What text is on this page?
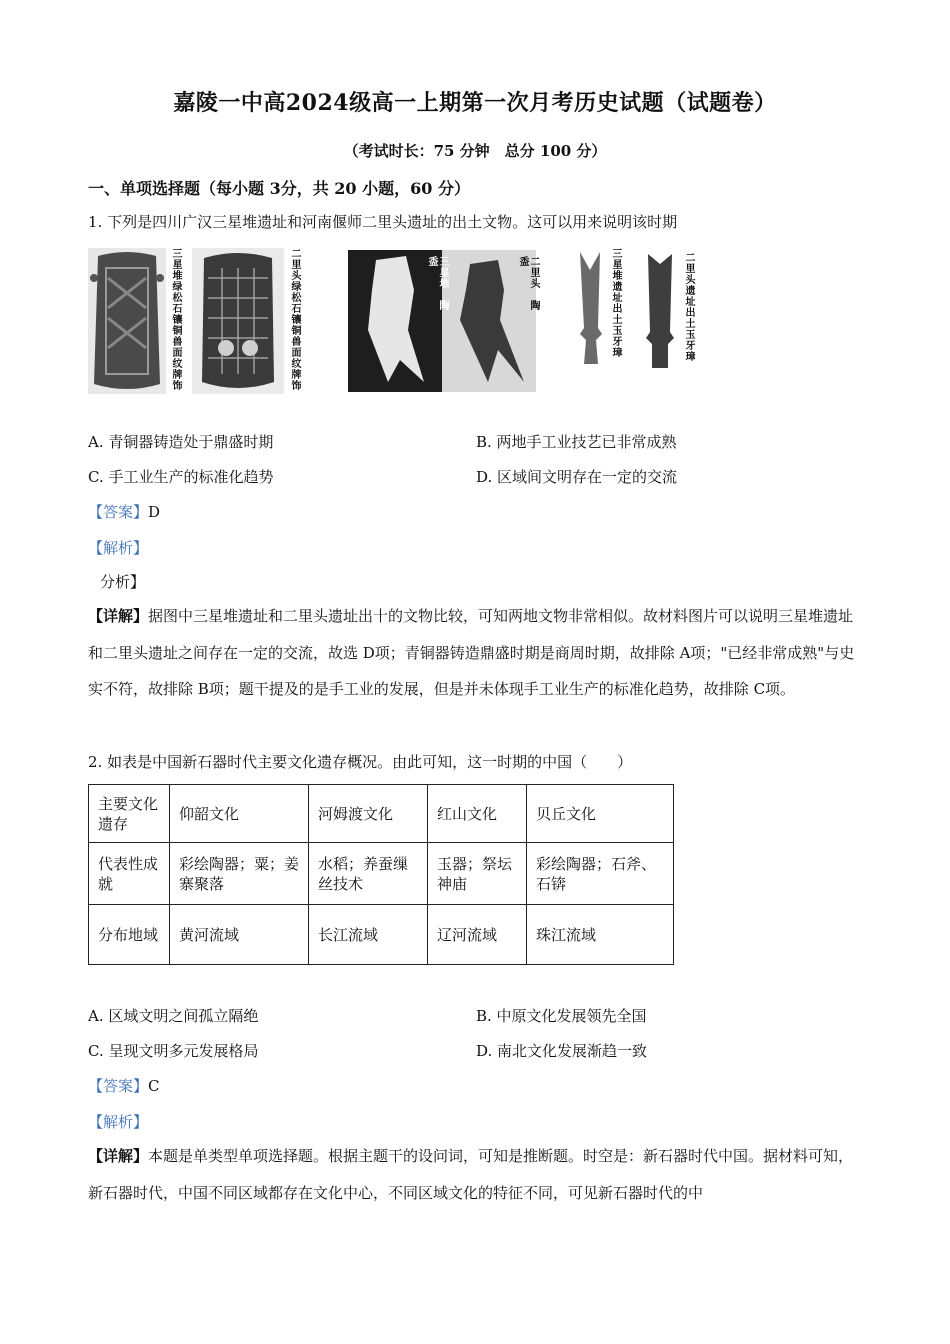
嘉陵一中高2024级高一上期第一次月考历史试题（试题卷）
（考试时长：75 分钟　总分 100 分）
一、单项选择题（每小题 3分，共 20 小题，60 分）
1. 下列是四川广汉三星堆遗址和河南偃师二里头遗址的出土文物。这可以用来说明该时期
三星堆绿松石镶铜兽面纹牌饰	二里头绿松石镶铜兽面纹牌饰	三星堆　陶盉	二里头　陶盉	三星堆遗址出土玉牙璋	二里头遗址出土玉牙璋
A. 青铜器铸造处于鼎盛时期	B. 两地手工业技艺已非常成熟
C. 手工业生产的标准化趋势	D. 区域间文明存在一定的交流
【答案】D
【解析】
分析】
【详解】据图中三星堆遗址和二里头遗址出十的文物比较，可知两地文物非常相似。故材料图片可以说明三星堆遗址和二里头遗址之间存在一定的交流，故选 D项；青铜器铸造鼎盛时期是商周时期，故排除 A项；"已经非常成熟"与史实不符，故排除 B项；题干提及的是手工业的发展，但是并未体现手工业生产的标准化趋势，故排除 C项。
2. 如表是中国新石器时代主要文化遗存概况。由此可知，这一时期的中国（　　）
主要文化遗存	仰韶文化	河姆渡文化	红山文化	贝丘文化
代表性成就	彩绘陶器；粟；姜寨聚落	水稻；养蚕缫丝技术	玉器；祭坛神庙	彩绘陶器；石斧、石锛
分布地域	黄河流域	长江流域	辽河流域	珠江流域
A. 区域文明之间孤立隔绝	B. 中原文化发展领先全国
C. 呈现文明多元发展格局	D. 南北文化发展渐趋一致
【答案】C
【解析】
【详解】本题是单类型单项选择题。根据主题干的设问词，可知是推断题。时空是：新石器时代中国。据材料可知，新石器时代，中国不同区域都存在文化中心，不同区域文化的特征不同，可见新石器时代的中
